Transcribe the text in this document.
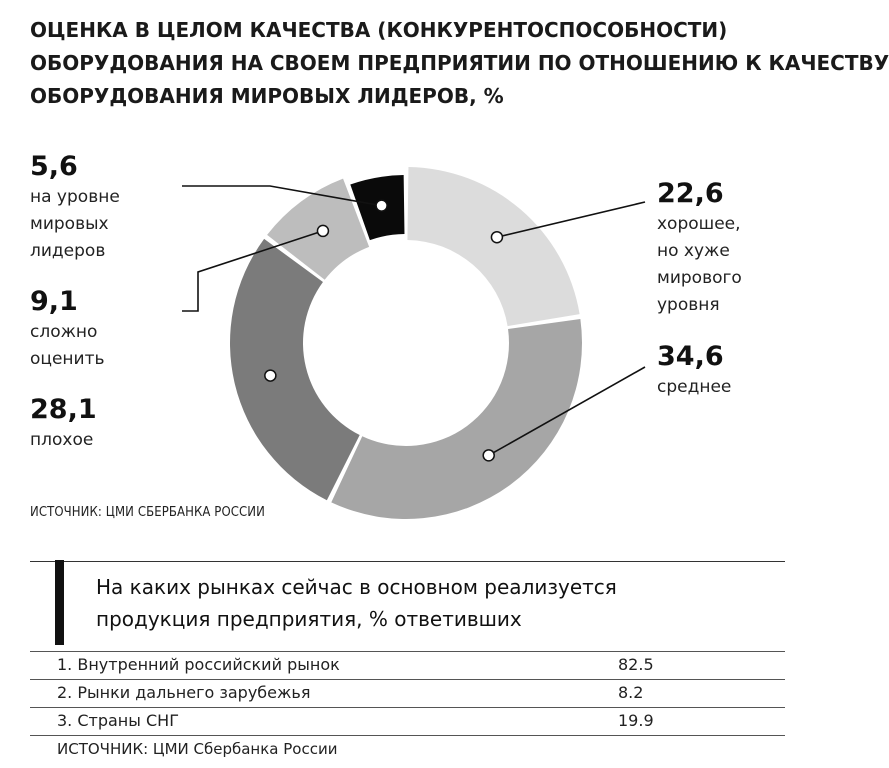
ОЦЕНКА В ЦЕЛОМ КАЧЕСТВА (КОНКУРЕНТОСПОСОБНОСТИ)
ОБОРУДОВАНИЯ НА СВОЕМ ПРЕДПРИЯТИИ ПО ОТНОШЕНИЮ К КАЧЕСТВУ
ОБОРУДОВАНИЯ МИРОВЫХ ЛИДЕРОВ, %
5,6
на уровне
мировых
лидеров
9,1
сложно
оценить
28,1
плохое
22,6
хорошее,
но хуже
мирового
уровня
34,6
среднее
ИСТОЧНИК: ЦМИ СБЕРБАНКА РОССИИ
На каких рынках сейчас в основном реализуется
продукция предприятия, % ответивших
1. Внутренний российский рынок	82.5
2. Рынки дальнего зарубежья	8.2
3. Страны СНГ	19.9
ИСТОЧНИК: ЦМИ Сбербанка России
